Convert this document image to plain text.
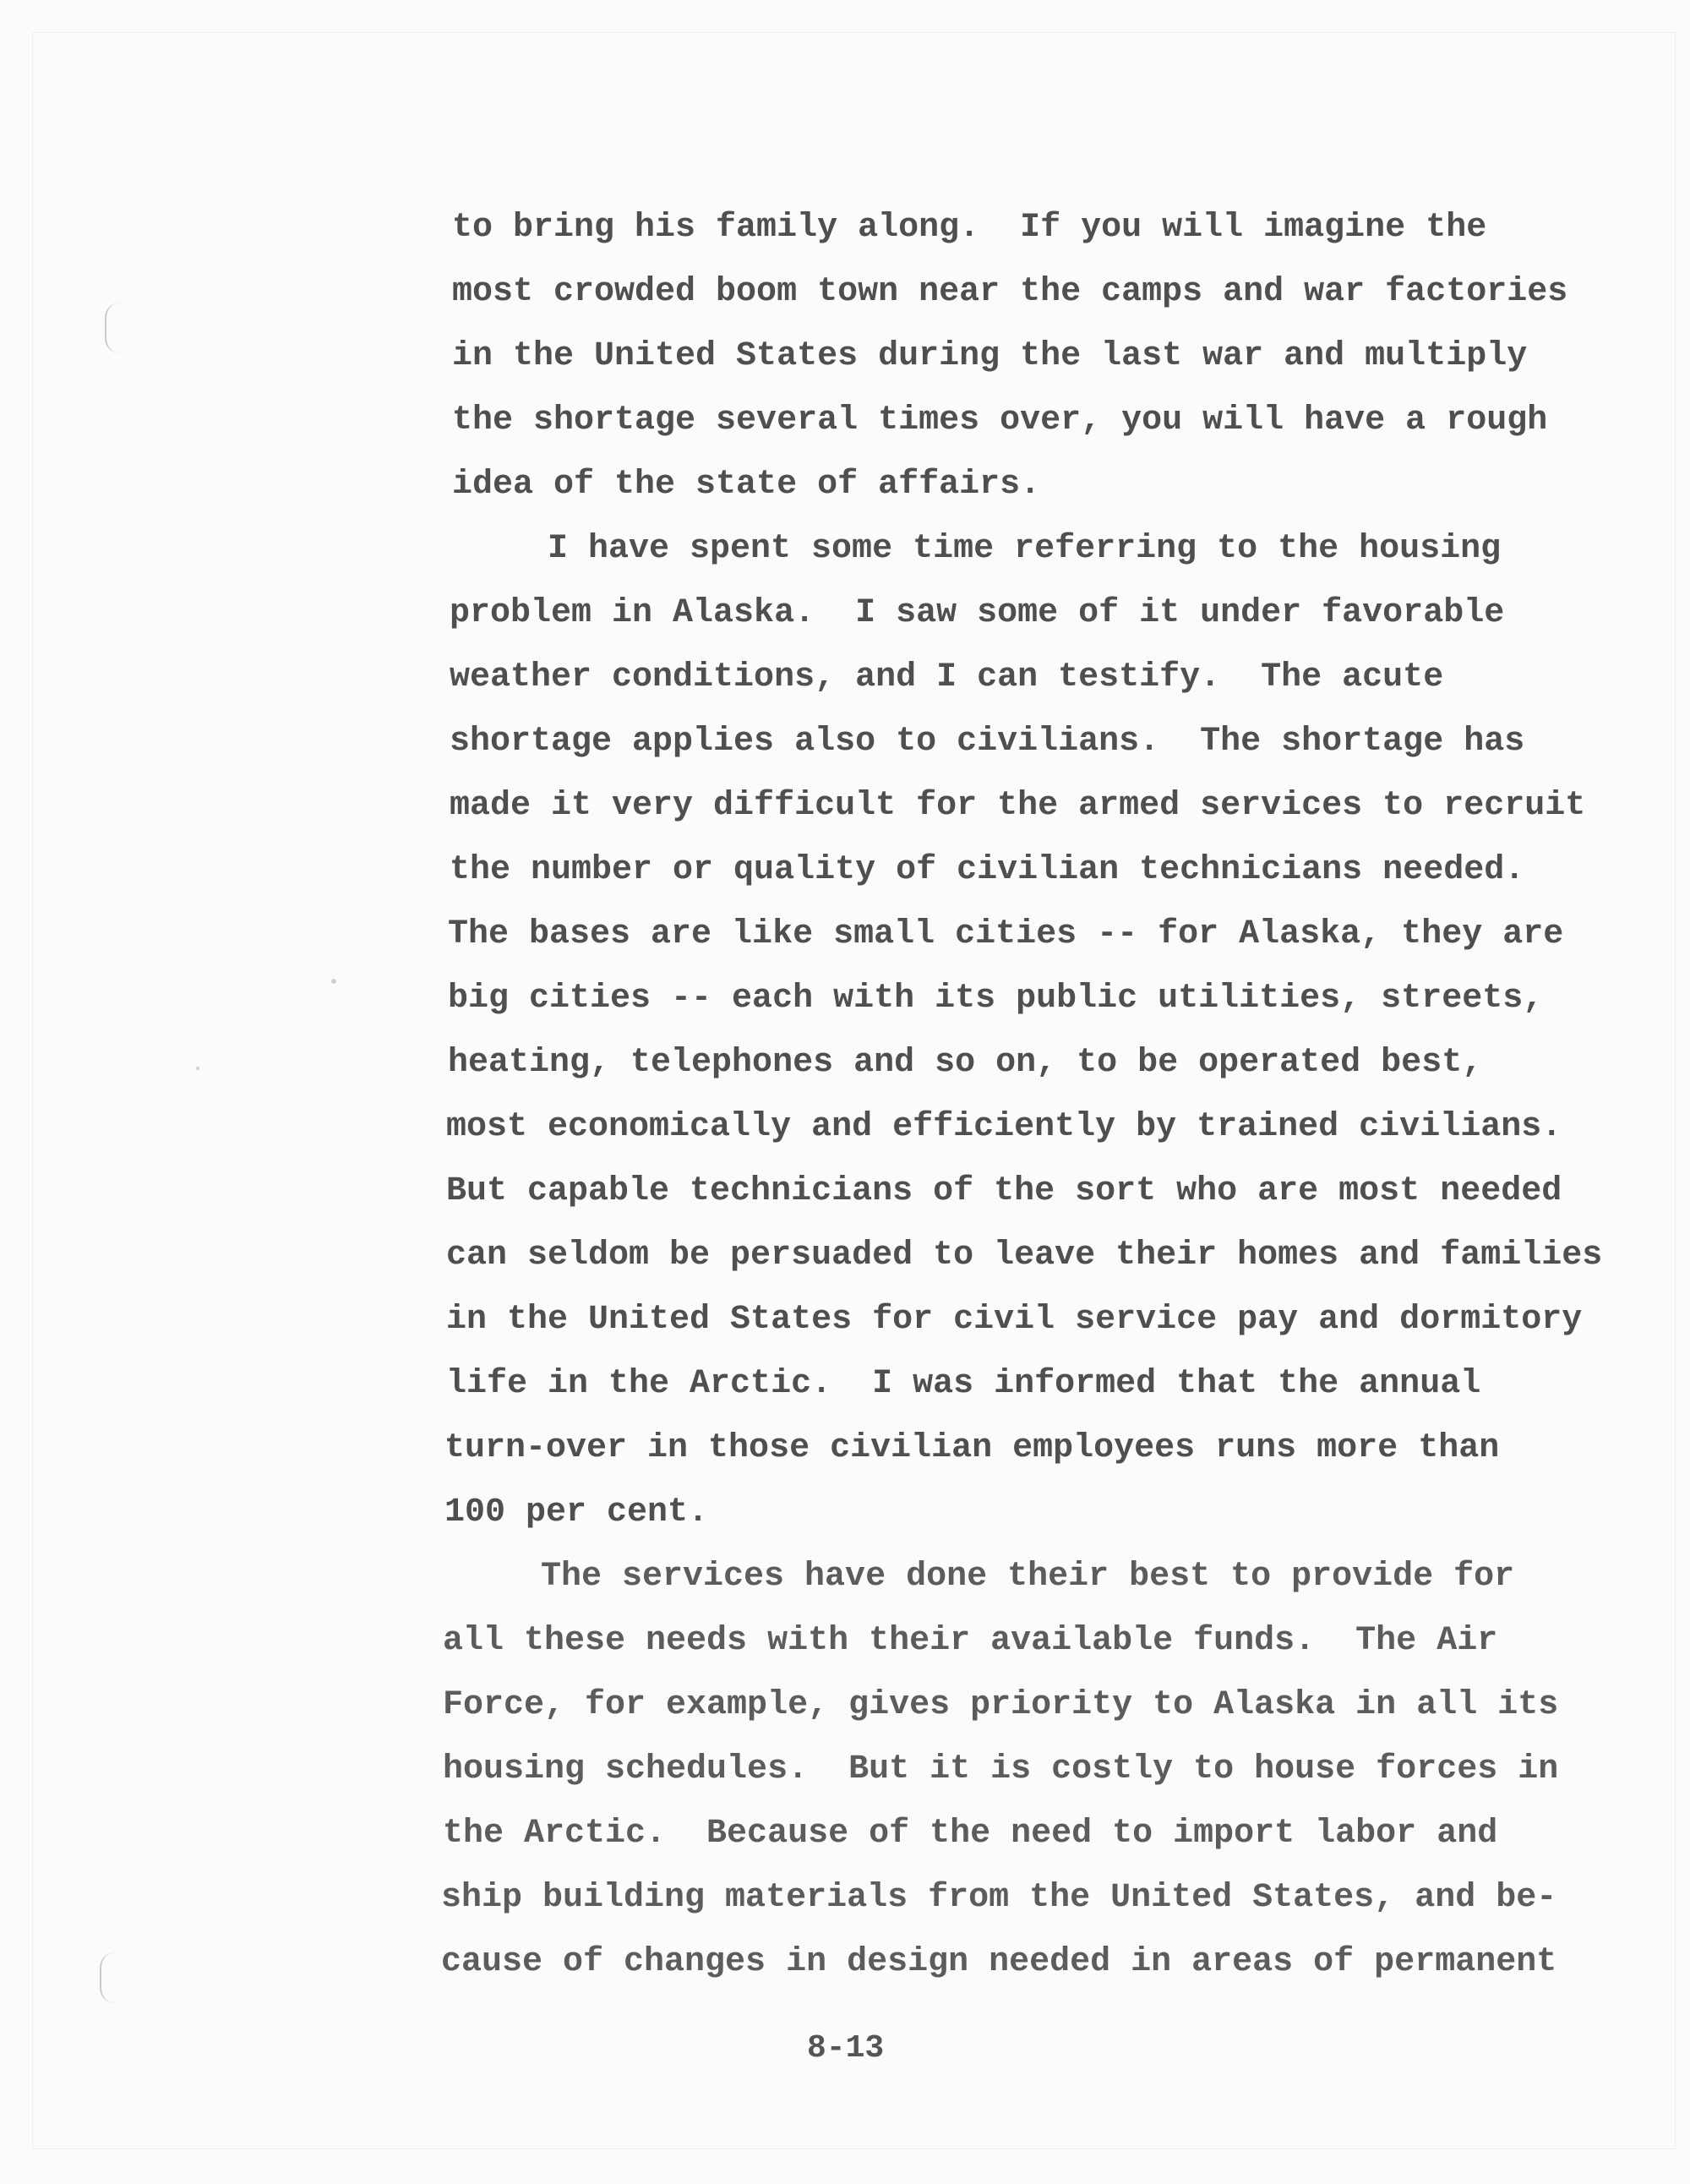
to bring his family along.  If you will imagine the
most crowded boom town near the camps and war factories
in the United States during the last war and multiply
the shortage several times over, you will have a rough
idea of the state of affairs.
I have spent some time referring to the housing
problem in Alaska.  I saw some of it under favorable
weather conditions, and I can testify.  The acute
shortage applies also to civilians.  The shortage has
made it very difficult for the armed services to recruit
the number or quality of civilian technicians needed.
The bases are like small cities -- for Alaska, they are
big cities -- each with its public utilities, streets,
heating, telephones and so on, to be operated best,
most economically and efficiently by trained civilians.
But capable technicians of the sort who are most needed
can seldom be persuaded to leave their homes and families
in the United States for civil service pay and dormitory
life in the Arctic.  I was informed that the annual
turn-over in those civilian employees runs more than
100 per cent.
The services have done their best to provide for
all these needs with their available funds.  The Air
Force, for example, gives priority to Alaska in all its
housing schedules.  But it is costly to house forces in
the Arctic.  Because of the need to import labor and
ship building materials from the United States, and be-
cause of changes in design needed in areas of permanent
8-13
